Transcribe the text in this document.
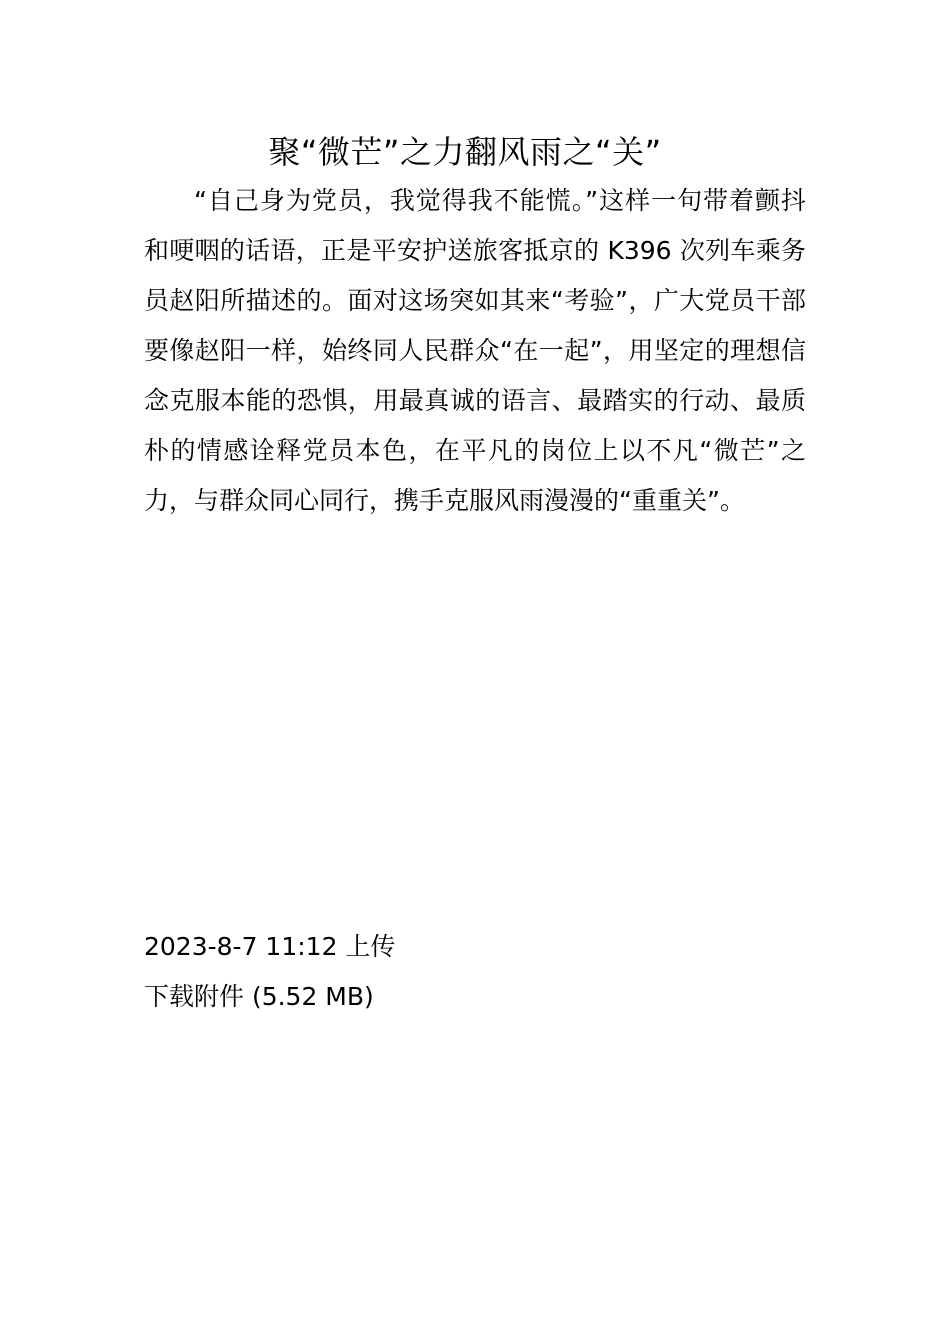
聚“微芒”之力翻风雨之“关”

“自己身为党员，我觉得我不能慌。”这样一句带着颤抖和哽咽的话语，正是平安护送旅客抵京的 K396 次列车乘务员赵阳所描述的。面对这场突如其来“考验”，广大党员干部要像赵阳一样，始终同人民群众“在一起”，用坚定的理想信念克服本能的恐惧，用最真诚的语言、最踏实的行动、最质朴的情感诠释党员本色，在平凡的岗位上以不凡“微芒”之力，与群众同心同行，携手克服风雨漫漫的“重重关”。

2023-8-7 11:12 上传
下载附件 (5.52 MB)
